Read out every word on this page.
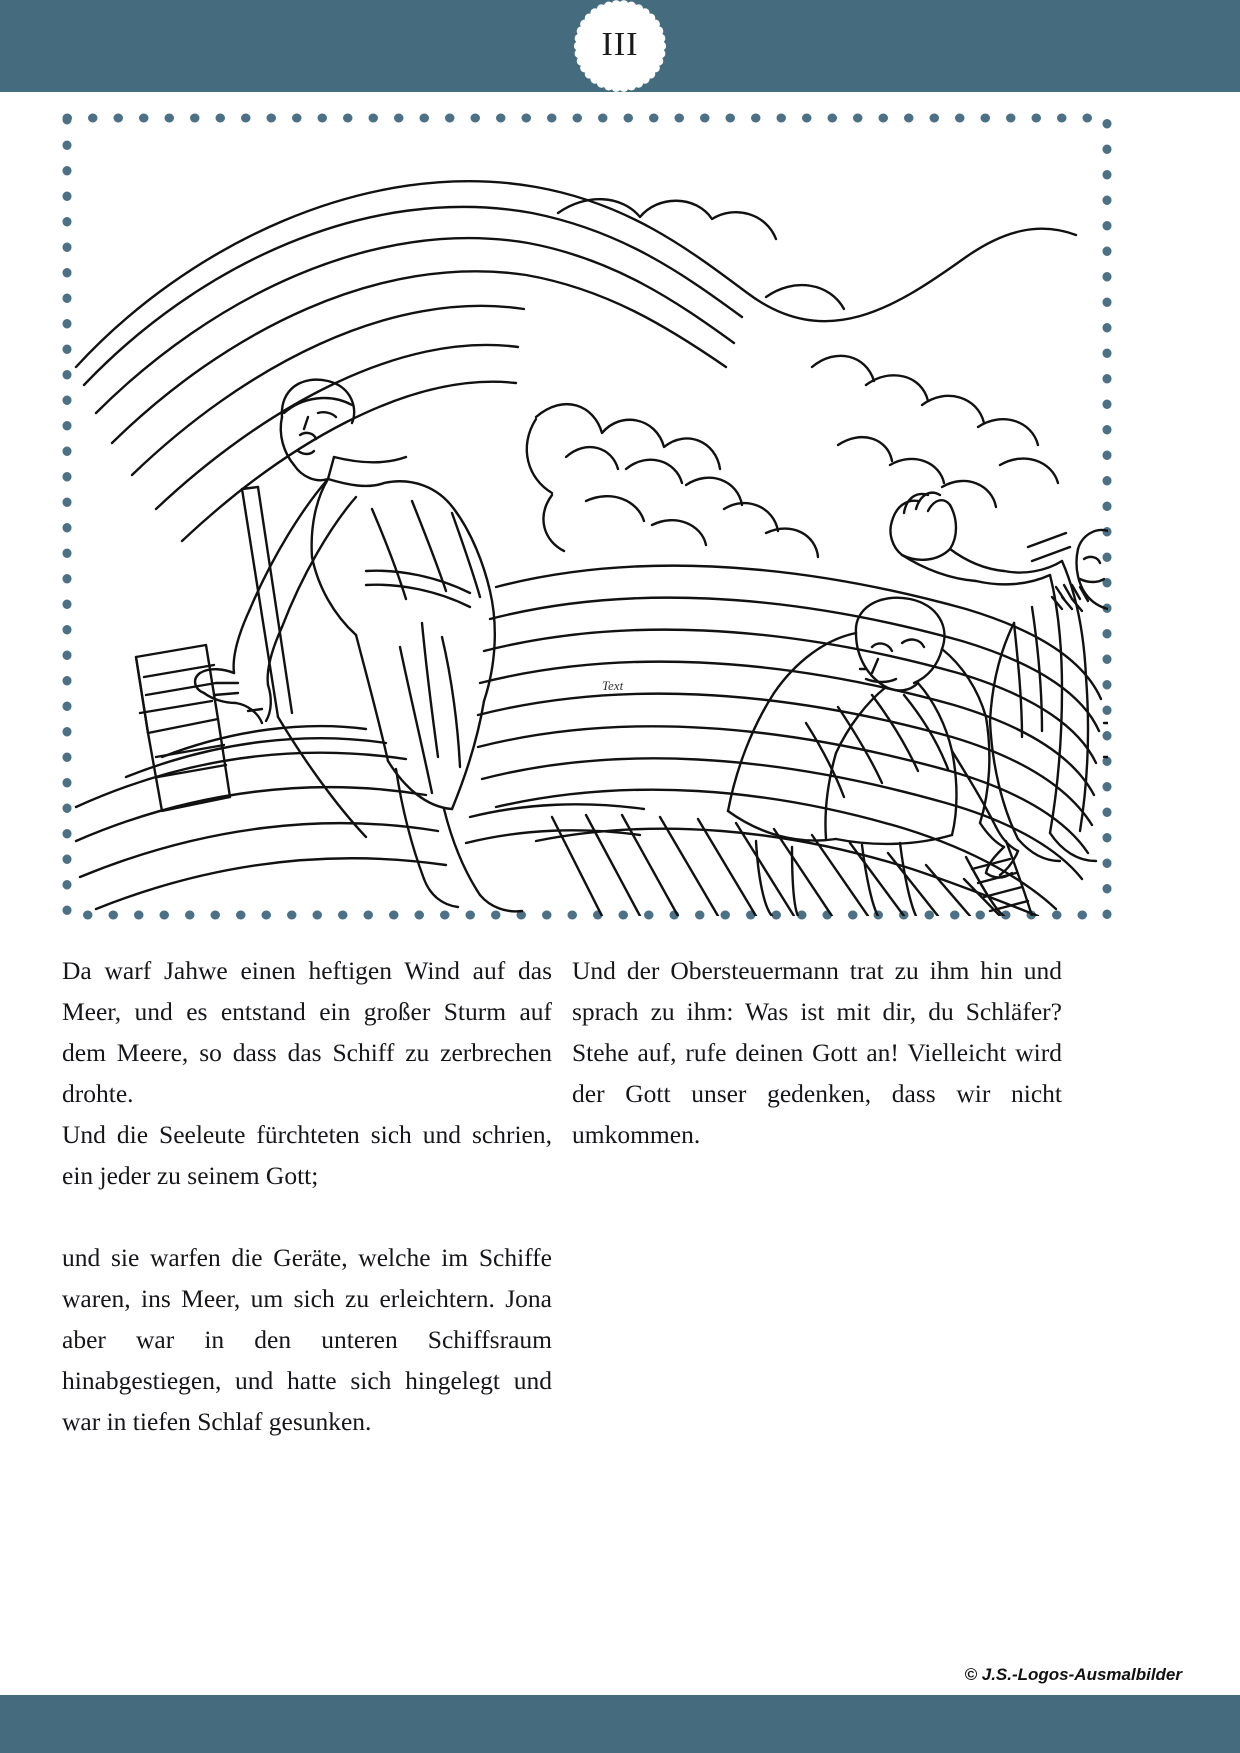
III
Text

Da warf Jahwe einen heftigen Wind auf das Meer, und es entstand ein großer Sturm auf dem Meere, so dass das Schiff zu zerbrechen drohte.

Und die Seeleute fürchteten sich und schrien, ein jeder zu seinem Gott;

und sie warfen die Geräte, welche im Schiffe waren, ins Meer, um sich zu erleichtern. Jona aber war in den unteren Schiffsraum hinabgestiegen, und hatte sich hingelegt und war in tiefen Schlaf gesunken.

Und der Obersteuermann trat zu ihm hin und sprach zu ihm: Was ist mit dir, du Schläfer? Stehe auf, rufe deinen Gott an! Vielleicht wird der Gott unser gedenken, dass wir nicht umkommen.

© J.S.-Logos-Ausmalbilder
